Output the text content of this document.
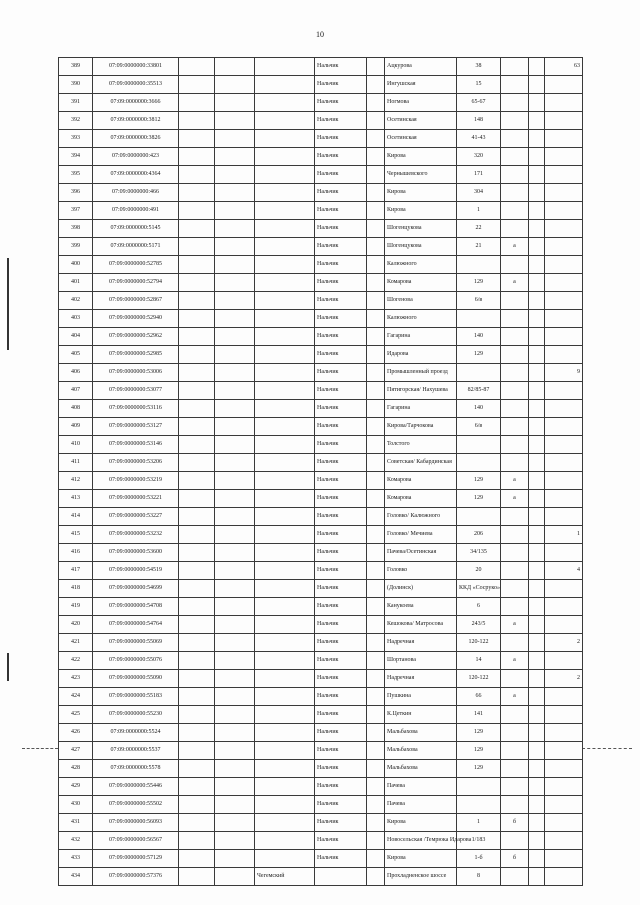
10
389	07:09:0000000:33801				Нальчик		Ацкурова	38			63
390	07:09:0000000:35513				Нальчик		Ингушская	15			
391	07:09:0000000:3666				Нальчик		Ногмова	65-67			
392	07:09:0000000:3812				Нальчик		Осетинская	148			
393	07:09:0000000:3826				Нальчик		Осетинская	41-43			
394	07:09:0000000:423				Нальчик		Кирова	320			
395	07:09:0000000:4364				Нальчик		Чернышевского	171			
396	07:09:0000000:466				Нальчик		Кирова	304			
397	07:09:0000000:491				Нальчик		Кирова	1			
398	07:09:0000000:5145				Нальчик		Шогенцукова	22			
399	07:09:0000000:5171				Нальчик		Шогенцукова	21	а		
400	07:09:0000000:52785				Нальчик		Калюжного				
401	07:09:0000000:52794				Нальчик		Комарова	129	а		
402	07:09:0000000:52867				Нальчик		Шогенова	6/в			
403	07:09:0000000:52940				Нальчик		Калюжного				
404	07:09:0000000:52962				Нальчик		Гагарина	140			
405	07:09:0000000:52985				Нальчик		Идарова	129			
406	07:09:0000000:53006				Нальчик		Промышленный проезд				9
407	07:09:0000000:53077				Нальчик		Пятигорская/ Нахушева	82/85-87			
408	07:09:0000000:53116				Нальчик		Гагарина	140			
409	07:09:0000000:53127				Нальчик		Кирова/Тарчокова	6/в			
410	07:09:0000000:53146				Нальчик		Толстого				
411	07:09:0000000:53206				Нальчик		Советская/ Кабардинская				
412	07:09:0000000:53219				Нальчик		Комарова	129	а		
413	07:09:0000000:53221				Нальчик		Комарова	129	а		
414	07:09:0000000:53227				Нальчик		Головко/ Калюжного				
415	07:09:0000000:53232				Нальчик		Головко/ Мечиева	206			1
416	07:09:0000000:53600				Нальчик		Пачева/Осетинская	34/135			
417	07:09:0000000:54519				Нальчик		Головко	20			4
418	07:09:0000000:54699				Нальчик		(Долинск)	ККД «Сосруко»			
419	07:09:0000000:54708				Нальчик		Канукоева	6			
420	07:09:0000000:54764				Нальчик		Кешокова/ Матросова	243/5	а		
421	07:09:0000000:55069				Нальчик		Надречная	120-122			2
422	07:09:0000000:55076				Нальчик		Шортанова	14	а		
423	07:09:0000000:55090				Нальчик		Надречная	120-122			2
424	07:09:0000000:55183				Нальчик		Пушкина	66	а		
425	07:09:0000000:55230				Нальчик		К.Цеткин	141			
426	07:09:0000000:5524				Нальчик		Мальбахова	129			
427	07:09:0000000:5537				Нальчик		Мальбахова	129			
428	07:09:0000000:5578				Нальчик		Мальбахова	129			
429	07:09:0000000:55446				Нальчик		Пачева				
430	07:09:0000000:55502				Нальчик		Пачева				
431	07:09:0000000:56093				Нальчик		Кирова	1	б		
432	07:09:0000000:56567				Нальчик		Новосельская /Темрюка Идарова	1/183			
433	07:09:0000000:57129				Нальчик		Кирова	1-б	б		
434	07:09:0000000:57376			Чегемский			Прохладненское шоссе	8			
